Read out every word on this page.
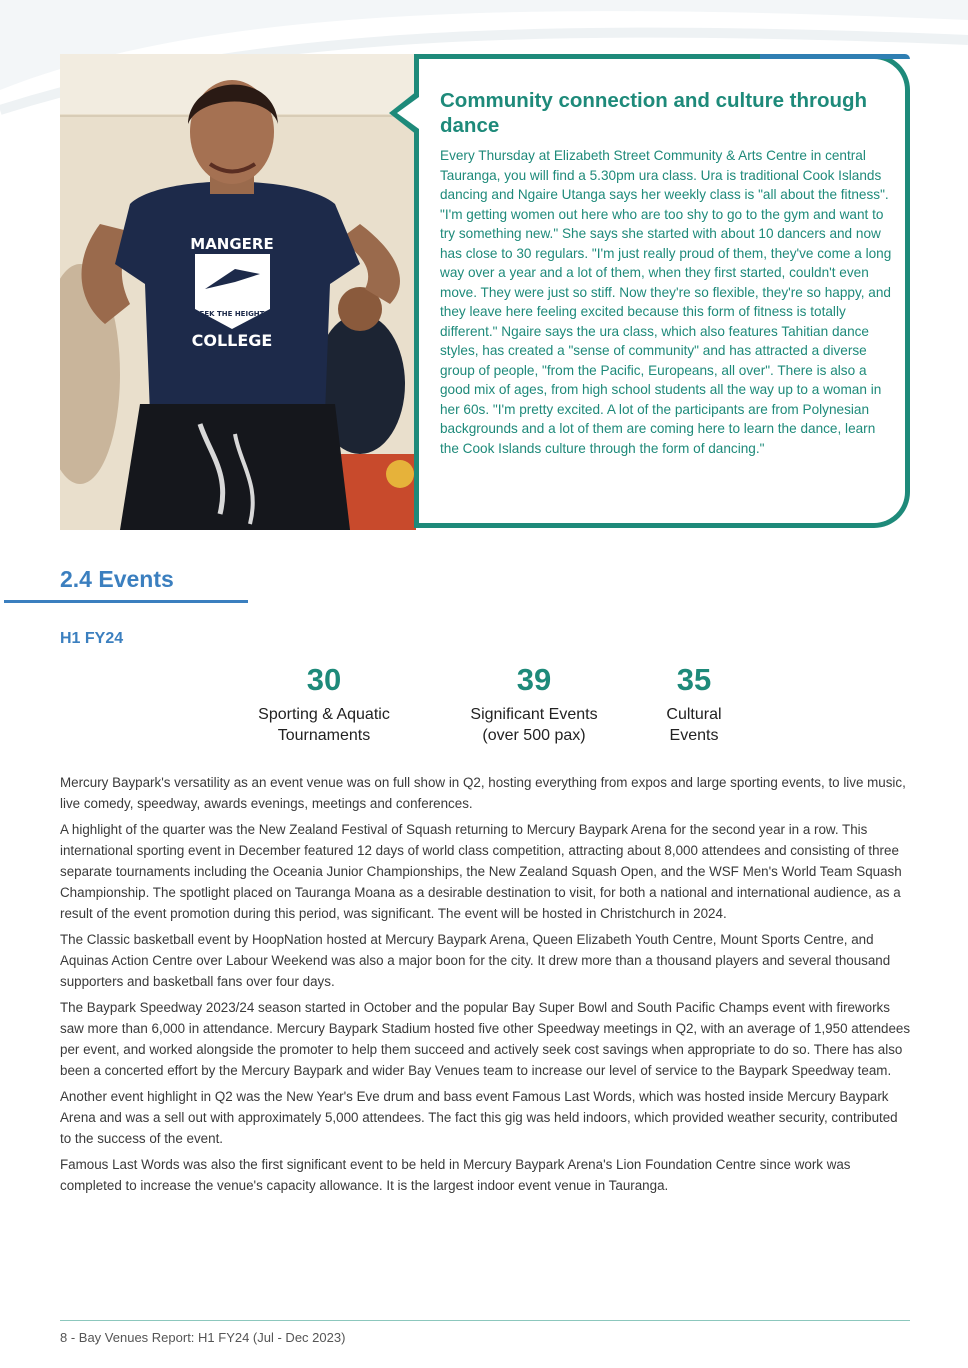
MANGERE
SEEK THE HEIGHTS
COLLEGE
Community connection and culture through dance

Every Thursday at Elizabeth Street Community & Arts Centre in central Tauranga, you will find a 5.30pm ura class. Ura is traditional Cook Islands dancing and Ngaire Utanga says her weekly class is "all about the fitness". "I'm getting women out here who are too shy to go to the gym and want to try something new." She says she started with about 10 dancers and now has close to 30 regulars. "I'm just really proud of them, they've come a long way over a year and a lot of them, when they first started, couldn't even move. They were just so stiff. Now they're so flexible, they're so happy, and they leave here feeling excited because this form of fitness is totally different." Ngaire says the ura class, which also features Tahitian dance styles, has created a "sense of community" and has attracted a diverse group of people, "from the Pacific, Europeans, all over". There is also a good mix of ages, from high school students all the way up to a woman in her 60s. "I'm pretty excited. A lot of the participants are from Polynesian backgrounds and a lot of them are coming here to learn the dance, learn the Cook Islands culture through the form of dancing."

2.4 Events
H1 FY24
30
Sporting & Aquatic
Tournaments
39
Significant Events
(over 500 pax)
35
Cultural
Events

Mercury Baypark's versatility as an event venue was on full show in Q2, hosting everything from expos and large sporting events, to live music, live comedy, speedway, awards evenings, meetings and conferences.

A highlight of the quarter was the New Zealand Festival of Squash returning to Mercury Baypark Arena for the second year in a row. This international sporting event in December featured 12 days of world class competition, attracting about 8,000 attendees and consisting of three separate tournaments including the Oceania Junior Championships, the New Zealand Squash Open, and the WSF Men's World Team Squash Championship. The spotlight placed on Tauranga Moana as a desirable destination to visit, for both a national and international audience, as a result of the event promotion during this period, was significant. The event will be hosted in Christchurch in 2024.

The Classic basketball event by HoopNation hosted at Mercury Baypark Arena, Queen Elizabeth Youth Centre, Mount Sports Centre, and Aquinas Action Centre over Labour Weekend was also a major boon for the city. It drew more than a thousand players and several thousand supporters and basketball fans over four days.

The Baypark Speedway 2023/24 season started in October and the popular Bay Super Bowl and South Pacific Champs event with fireworks saw more than 6,000 in attendance. Mercury Baypark Stadium hosted five other Speedway meetings in Q2, with an average of 1,950 attendees per event, and worked alongside the promoter to help them succeed and actively seek cost savings when appropriate to do so. There has also been a concerted effort by the Mercury Baypark and wider Bay Venues team to increase our level of service to the Baypark Speedway team.

Another event highlight in Q2 was the New Year's Eve drum and bass event Famous Last Words, which was hosted inside Mercury Baypark Arena and was a sell out with approximately 5,000 attendees. The fact this gig was held indoors, which provided weather security, contributed to the success of the event.

Famous Last Words was also the first significant event to be held in Mercury Baypark Arena's Lion Foundation Centre since work was completed to increase the venue's capacity allowance. It is the largest indoor event venue in Tauranga.

8 - Bay Venues Report: H1 FY24 (Jul - Dec 2023)
